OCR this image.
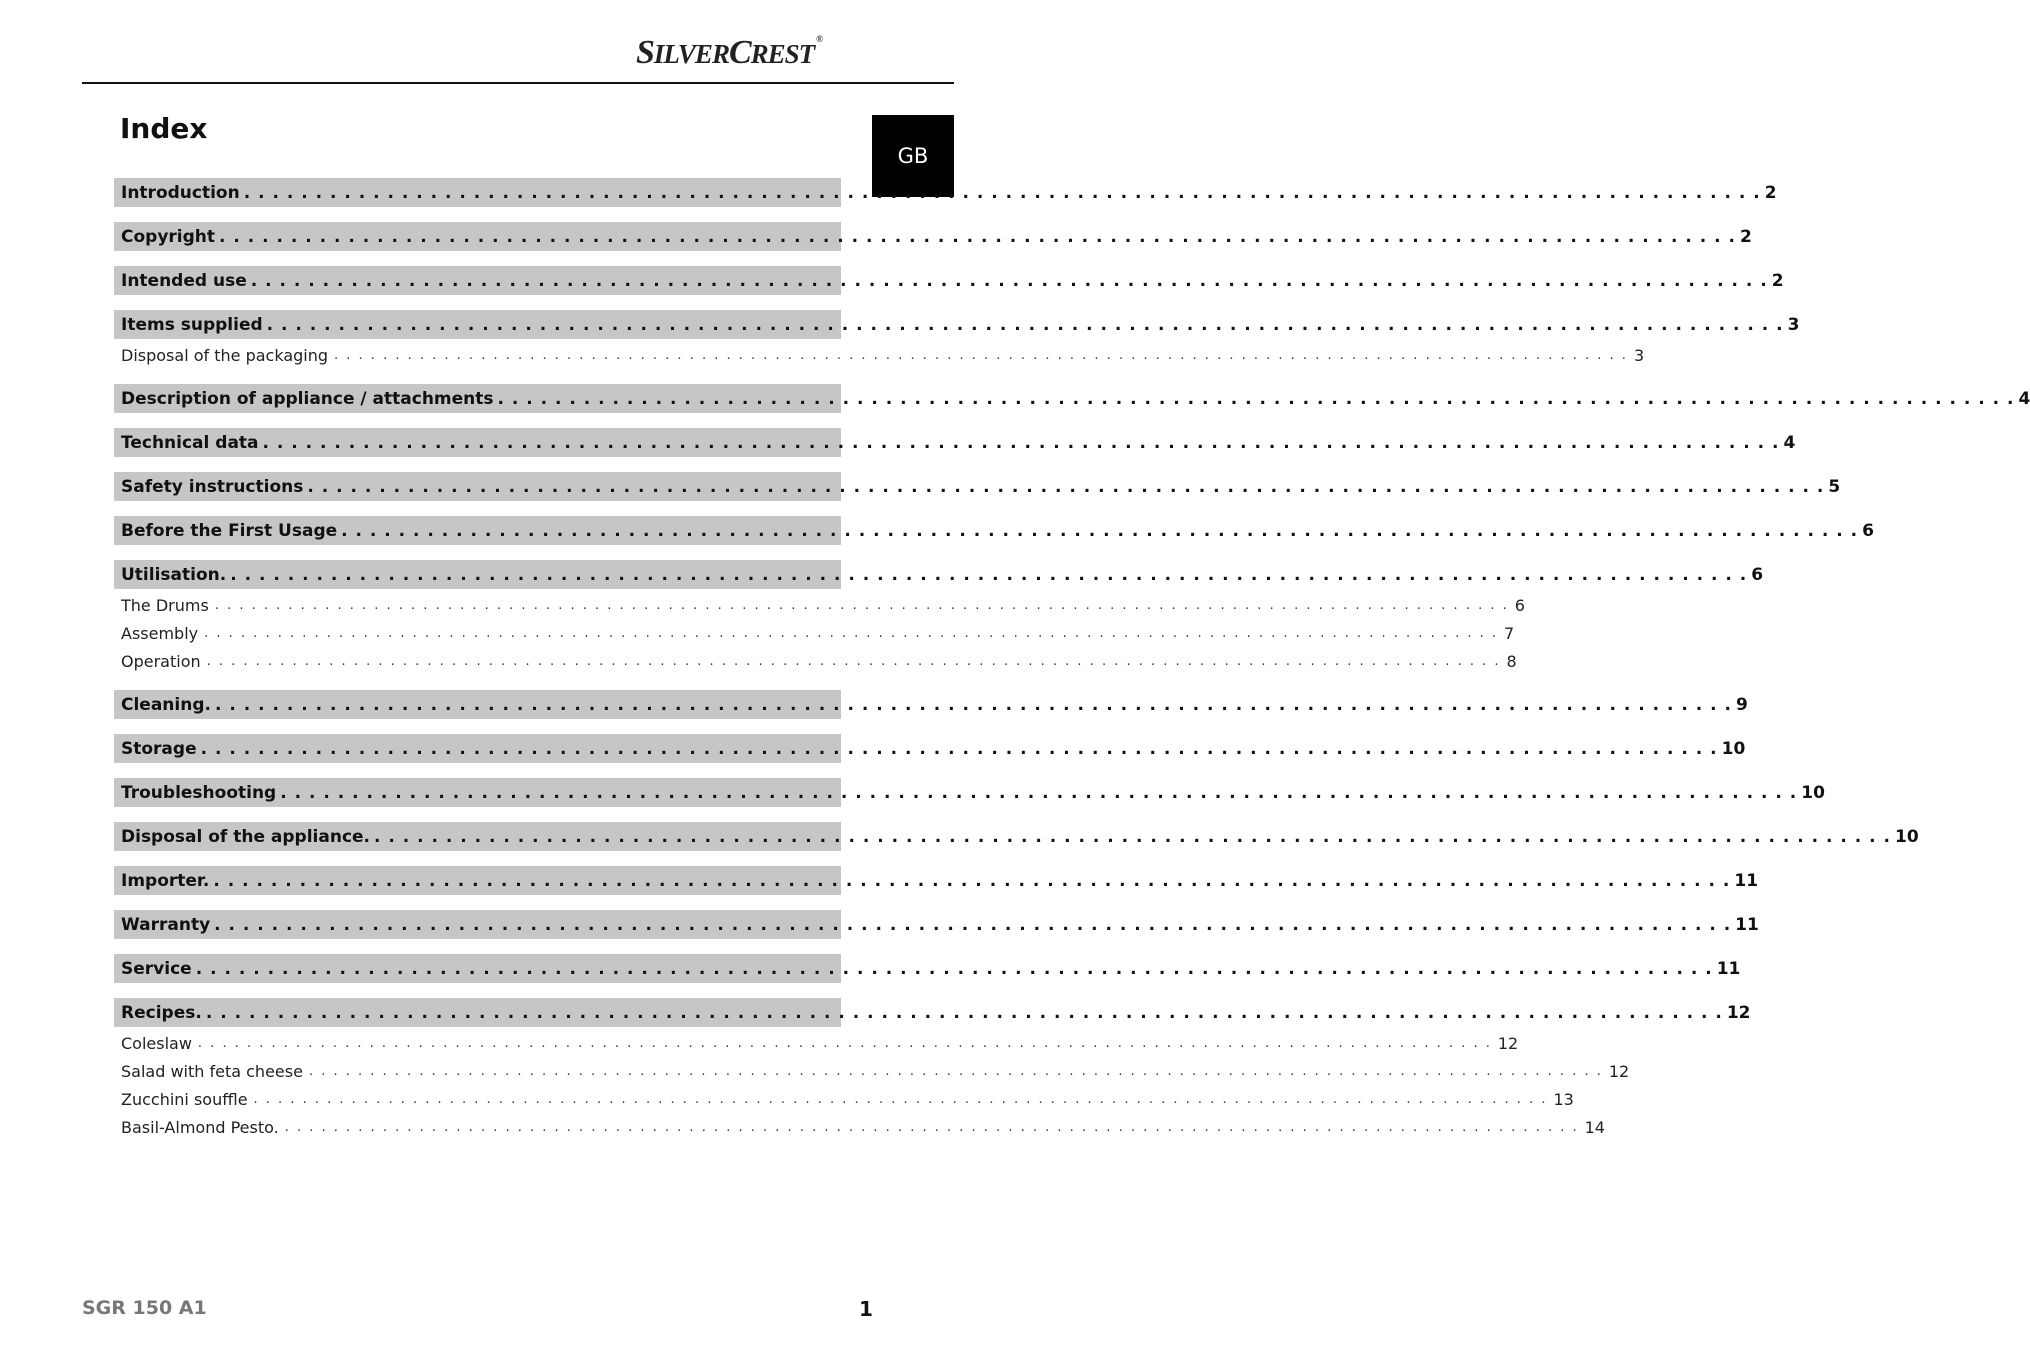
SILVERCREST ®
GB
Index
Introduction . . . . . . . . . . . . . . . . . . . . . . . . . . . . . . . . . . . . . . . . . . . . . . . . . . . . . . . . . . . . . . . . . . . . . . . . . . . . . . . . . . . . . . . . . . . . . . . . . . . . . . . . . . 2
Copyright . . . . . . . . . . . . . . . . . . . . . . . . . . . . . . . . . . . . . . . . . . . . . . . . . . . . . . . . . . . . . . . . . . . . . . . . . . . . . . . . . . . . . . . . . . . . . . . . . . . . . . . . . . 2
Intended use . . . . . . . . . . . . . . . . . . . . . . . . . . . . . . . . . . . . . . . . . . . . . . . . . . . . . . . . . . . . . . . . . . . . . . . . . . . . . . . . . . . . . . . . . . . . . . . . . . . . . . . . . . 2
Items supplied . . . . . . . . . . . . . . . . . . . . . . . . . . . . . . . . . . . . . . . . . . . . . . . . . . . . . . . . . . . . . . . . . . . . . . . . . . . . . . . . . . . . . . . . . . . . . . . . . . . . . . . . . . 3
Disposal of the packaging . . . . . . . . . . . . . . . . . . . . . . . . . . . . . . . . . . . . . . . . . . . . . . . . . . . . . . . . . . . . . . . . . . . . . . . . . . . . . . . . . . . . . . . . . . . . . . . . . . . . . . . . . . 3
Description of appliance / attachments . . . . . . . . . . . . . . . . . . . . . . . . . . . . . . . . . . . . . . . . . . . . . . . . . . . . . . . . . . . . . . . . . . . . . . . . . . . . . . . . . . . . . . . . . . . . . . . . . . . . . . . . . . 4
Technical data . . . . . . . . . . . . . . . . . . . . . . . . . . . . . . . . . . . . . . . . . . . . . . . . . . . . . . . . . . . . . . . . . . . . . . . . . . . . . . . . . . . . . . . . . . . . . . . . . . . . . . . . . . 4
Safety instructions . . . . . . . . . . . . . . . . . . . . . . . . . . . . . . . . . . . . . . . . . . . . . . . . . . . . . . . . . . . . . . . . . . . . . . . . . . . . . . . . . . . . . . . . . . . . . . . . . . . . . . . . . . 5
Before the First Usage . . . . . . . . . . . . . . . . . . . . . . . . . . . . . . . . . . . . . . . . . . . . . . . . . . . . . . . . . . . . . . . . . . . . . . . . . . . . . . . . . . . . . . . . . . . . . . . . . . . . . . . . . . 6
Utilisation. . . . . . . . . . . . . . . . . . . . . . . . . . . . . . . . . . . . . . . . . . . . . . . . . . . . . . . . . . . . . . . . . . . . . . . . . . . . . . . . . . . . . . . . . . . . . . . . . . . . . . . . . . . 6
The Drums . . . . . . . . . . . . . . . . . . . . . . . . . . . . . . . . . . . . . . . . . . . . . . . . . . . . . . . . . . . . . . . . . . . . . . . . . . . . . . . . . . . . . . . . . . . . . . . . . . . . . . . . . . 6
Assembly . . . . . . . . . . . . . . . . . . . . . . . . . . . . . . . . . . . . . . . . . . . . . . . . . . . . . . . . . . . . . . . . . . . . . . . . . . . . . . . . . . . . . . . . . . . . . . . . . . . . . . . . . . 7
Operation . . . . . . . . . . . . . . . . . . . . . . . . . . . . . . . . . . . . . . . . . . . . . . . . . . . . . . . . . . . . . . . . . . . . . . . . . . . . . . . . . . . . . . . . . . . . . . . . . . . . . . . . . . 8
Cleaning. . . . . . . . . . . . . . . . . . . . . . . . . . . . . . . . . . . . . . . . . . . . . . . . . . . . . . . . . . . . . . . . . . . . . . . . . . . . . . . . . . . . . . . . . . . . . . . . . . . . . . . . . . . 9
Storage . . . . . . . . . . . . . . . . . . . . . . . . . . . . . . . . . . . . . . . . . . . . . . . . . . . . . . . . . . . . . . . . . . . . . . . . . . . . . . . . . . . . . . . . . . . . . . . . . . . . . . . . . . 10
Troubleshooting . . . . . . . . . . . . . . . . . . . . . . . . . . . . . . . . . . . . . . . . . . . . . . . . . . . . . . . . . . . . . . . . . . . . . . . . . . . . . . . . . . . . . . . . . . . . . . . . . . . . . . . . . . 10
Disposal of the appliance. . . . . . . . . . . . . . . . . . . . . . . . . . . . . . . . . . . . . . . . . . . . . . . . . . . . . . . . . . . . . . . . . . . . . . . . . . . . . . . . . . . . . . . . . . . . . . . . . . . . . . . . . . . 10
Importer. . . . . . . . . . . . . . . . . . . . . . . . . . . . . . . . . . . . . . . . . . . . . . . . . . . . . . . . . . . . . . . . . . . . . . . . . . . . . . . . . . . . . . . . . . . . . . . . . . . . . . . . . . . 11
Warranty . . . . . . . . . . . . . . . . . . . . . . . . . . . . . . . . . . . . . . . . . . . . . . . . . . . . . . . . . . . . . . . . . . . . . . . . . . . . . . . . . . . . . . . . . . . . . . . . . . . . . . . . . . 11
Service . . . . . . . . . . . . . . . . . . . . . . . . . . . . . . . . . . . . . . . . . . . . . . . . . . . . . . . . . . . . . . . . . . . . . . . . . . . . . . . . . . . . . . . . . . . . . . . . . . . . . . . . . . 11
Recipes. . . . . . . . . . . . . . . . . . . . . . . . . . . . . . . . . . . . . . . . . . . . . . . . . . . . . . . . . . . . . . . . . . . . . . . . . . . . . . . . . . . . . . . . . . . . . . . . . . . . . . . . . . . 12
Coleslaw . . . . . . . . . . . . . . . . . . . . . . . . . . . . . . . . . . . . . . . . . . . . . . . . . . . . . . . . . . . . . . . . . . . . . . . . . . . . . . . . . . . . . . . . . . . . . . . . . . . . . . . . . . 12
Salad with feta cheese . . . . . . . . . . . . . . . . . . . . . . . . . . . . . . . . . . . . . . . . . . . . . . . . . . . . . . . . . . . . . . . . . . . . . . . . . . . . . . . . . . . . . . . . . . . . . . . . . . . . . . . . . . 12
Zucchini souffle . . . . . . . . . . . . . . . . . . . . . . . . . . . . . . . . . . . . . . . . . . . . . . . . . . . . . . . . . . . . . . . . . . . . . . . . . . . . . . . . . . . . . . . . . . . . . . . . . . . . . . . . . . 13
Basil-Almond Pesto. . . . . . . . . . . . . . . . . . . . . . . . . . . . . . . . . . . . . . . . . . . . . . . . . . . . . . . . . . . . . . . . . . . . . . . . . . . . . . . . . . . . . . . . . . . . . . . . . . . . . . . . . . . 14
SGR 150 A1	1
